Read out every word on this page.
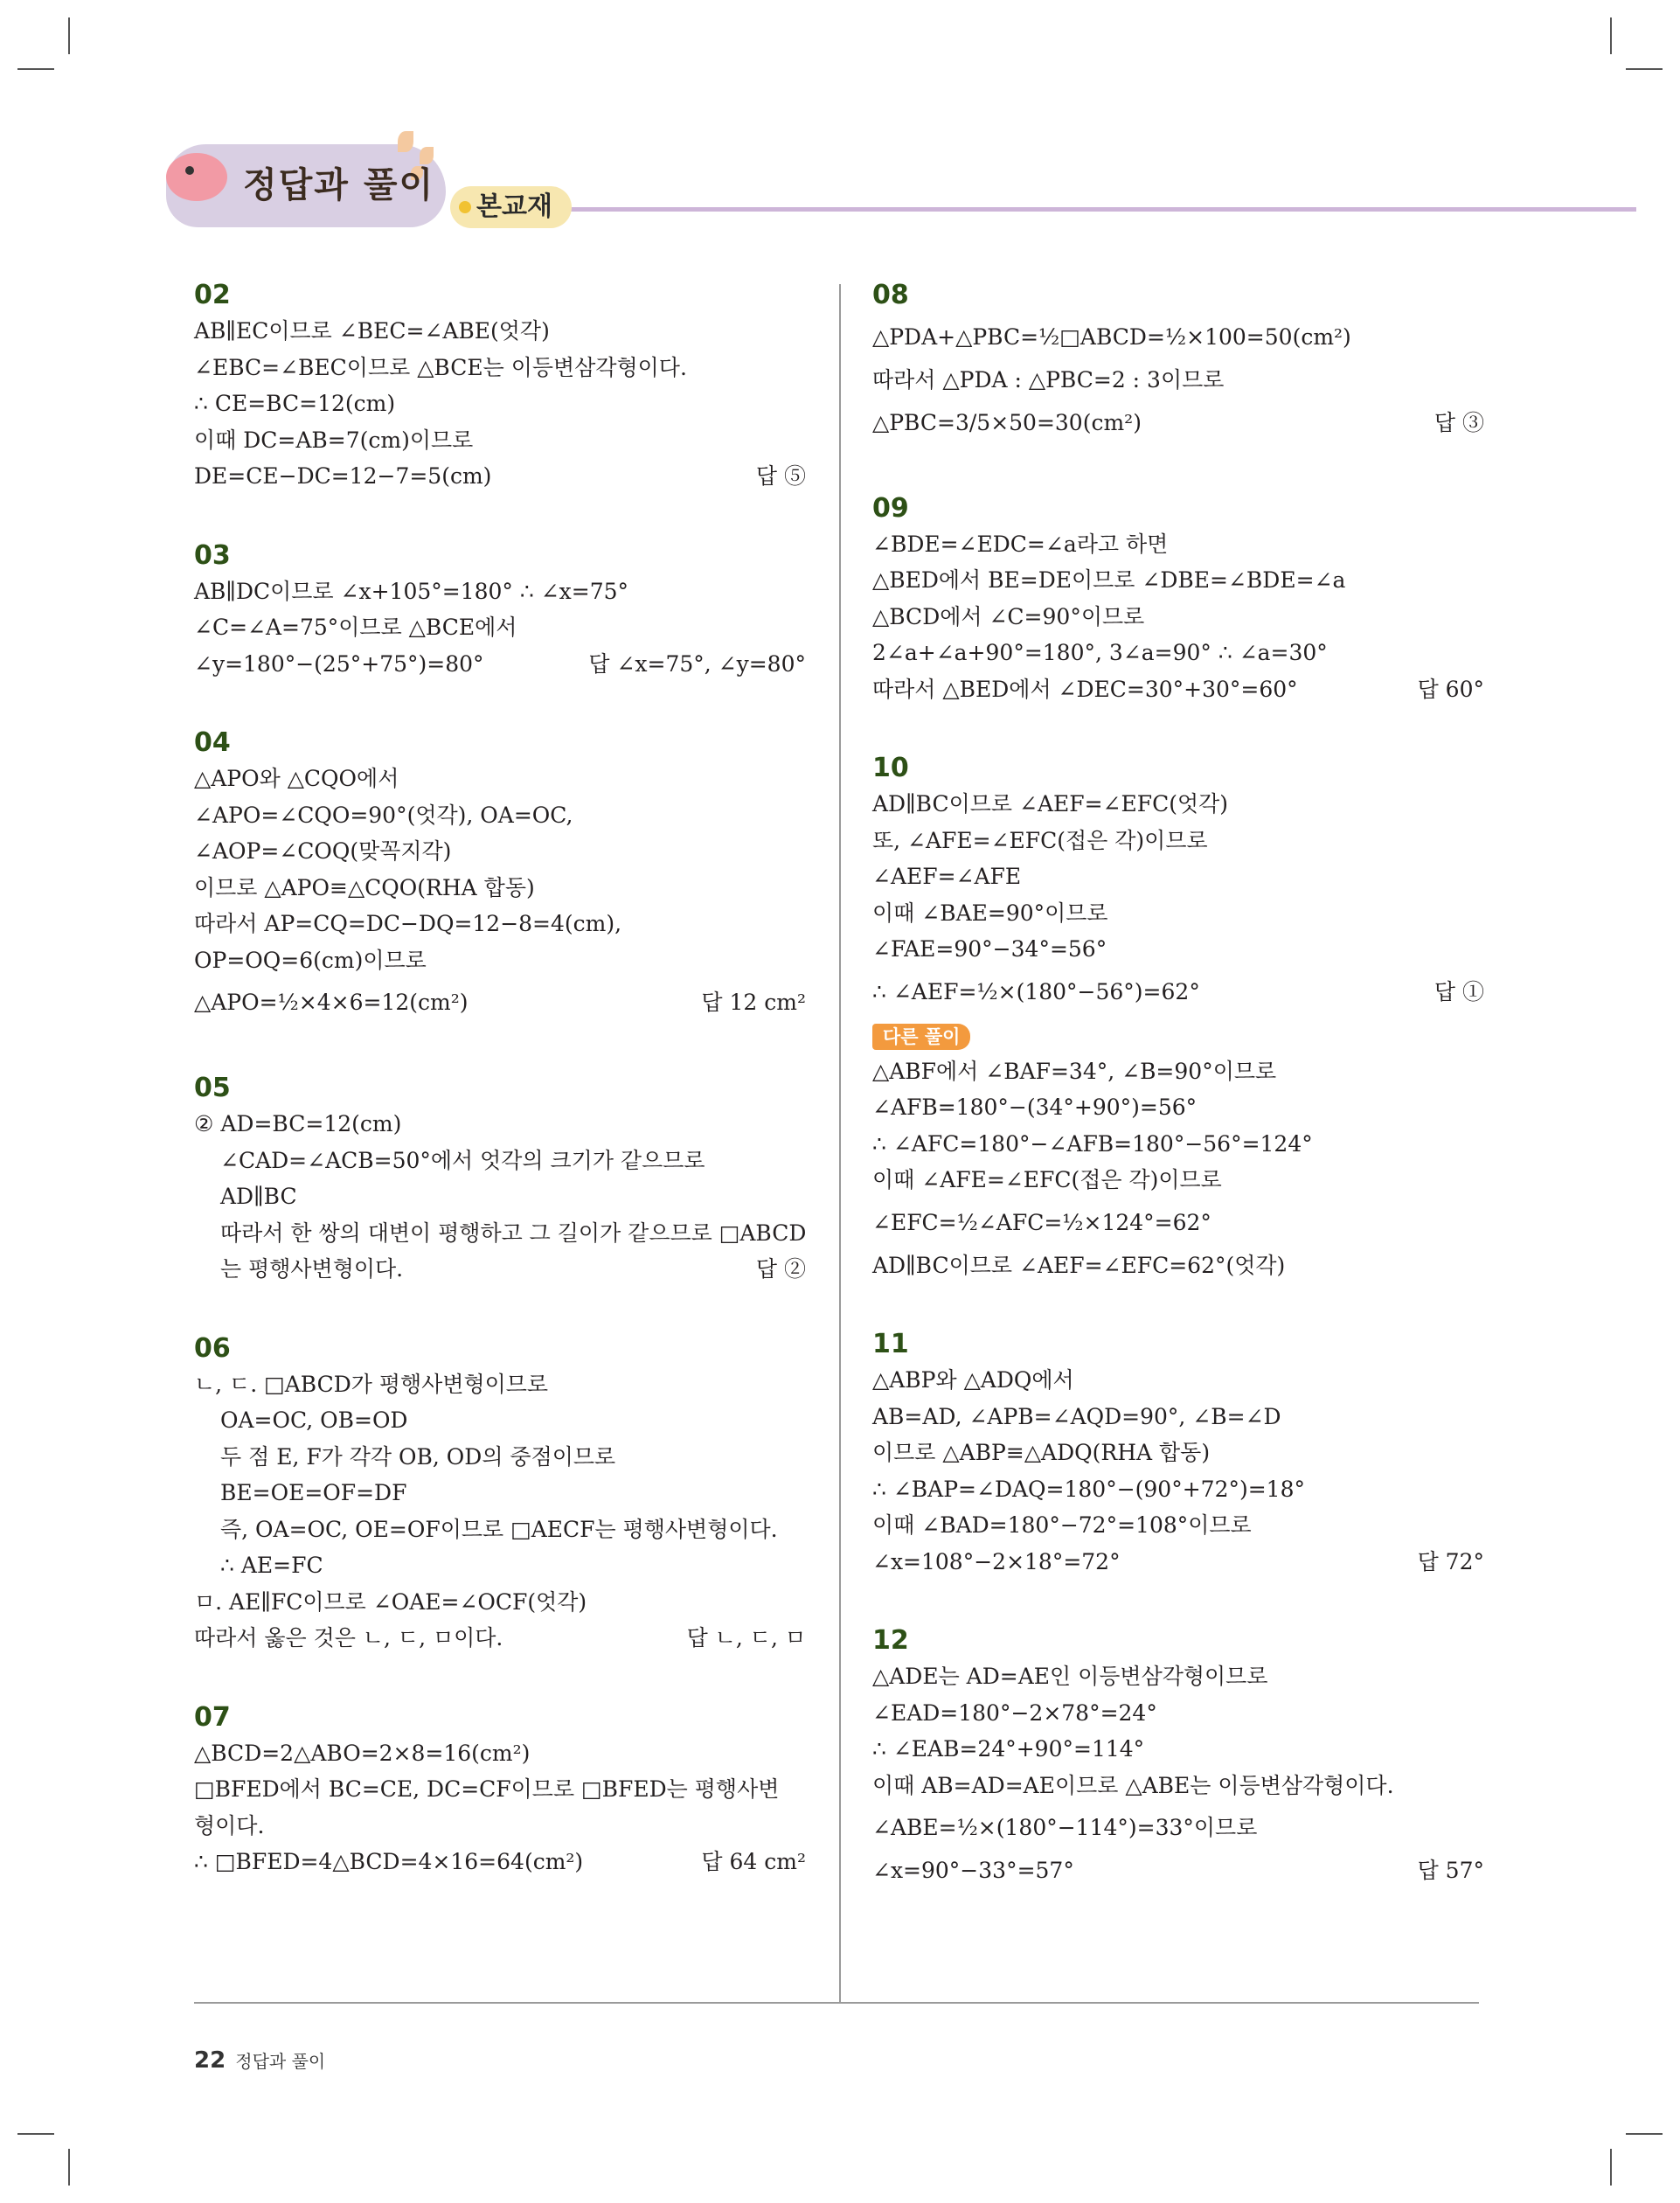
정답과 풀이
본교재
02
AB∥EC이므로 ∠BEC=∠ABE(엇각)
∠EBC=∠BEC이므로 △BCE는 이등변삼각형이다.
∴ CE=BC=12(cm)
이때 DC=AB=7(cm)이므로
DE=CE−DC=12−7=5(cm)	답 ⑤
03
AB∥DC이므로 ∠x+105°=180° ∴ ∠x=75°
∠C=∠A=75°이므로 △BCE에서
∠y=180°−(25°+75°)=80°	답 ∠x=75°, ∠y=80°
04
△APO와 △CQO에서
∠APO=∠CQO=90°(엇각), OA=OC,
∠AOP=∠COQ(맞꼭지각)
이므로 △APO≡△CQO(RHA 합동)
따라서 AP=CQ=DC−DQ=12−8=4(cm),
OP=OQ=6(cm)이므로
△APO=½×4×6=12(cm²)	답 12 cm²
05
② AD=BC=12(cm)
∠CAD=∠ACB=50°에서 엇각의 크기가 같으므로
AD∥BC
따라서 한 쌍의 대변이 평행하고 그 길이가 같으므로 □ABCD
는 평행사변형이다.	답 ②
06
ㄴ, ㄷ. □ABCD가 평행사변형이므로
OA=OC, OB=OD
두 점 E, F가 각각 OB, OD의 중점이므로
BE=OE=OF=DF
즉, OA=OC, OE=OF이므로 □AECF는 평행사변형이다.
∴ AE=FC
ㅁ. AE∥FC이므로 ∠OAE=∠OCF(엇각)
따라서 옳은 것은 ㄴ, ㄷ, ㅁ이다.	답 ㄴ, ㄷ, ㅁ
07
△BCD=2△ABO=2×8=16(cm²)
□BFED에서 BC=CE, DC=CF이므로 □BFED는 평행사변
형이다.
∴ □BFED=4△BCD=4×16=64(cm²)	답 64 cm²
08
△PDA+△PBC=½□ABCD=½×100=50(cm²)
따라서 △PDA : △PBC=2 : 3이므로
△PBC=3/5×50=30(cm²)	답 ③
09
∠BDE=∠EDC=∠a라고 하면
△BED에서 BE=DE이므로 ∠DBE=∠BDE=∠a
△BCD에서 ∠C=90°이므로
2∠a+∠a+90°=180°, 3∠a=90° ∴ ∠a=30°
따라서 △BED에서 ∠DEC=30°+30°=60°	답 60°
10
AD∥BC이므로 ∠AEF=∠EFC(엇각)
또, ∠AFE=∠EFC(접은 각)이므로
∠AEF=∠AFE
이때 ∠BAE=90°이므로
∠FAE=90°−34°=56°
∴ ∠AEF=½×(180°−56°)=62°	답 ①
다른 풀이
△ABF에서 ∠BAF=34°, ∠B=90°이므로
∠AFB=180°−(34°+90°)=56°
∴ ∠AFC=180°−∠AFB=180°−56°=124°
이때 ∠AFE=∠EFC(접은 각)이므로
∠EFC=½∠AFC=½×124°=62°
AD∥BC이므로 ∠AEF=∠EFC=62°(엇각)
11
△ABP와 △ADQ에서
AB=AD, ∠APB=∠AQD=90°, ∠B=∠D
이므로 △ABP≡△ADQ(RHA 합동)
∴ ∠BAP=∠DAQ=180°−(90°+72°)=18°
이때 ∠BAD=180°−72°=108°이므로
∠x=108°−2×18°=72°	답 72°
12
△ADE는 AD=AE인 이등변삼각형이므로
∠EAD=180°−2×78°=24°
∴ ∠EAB=24°+90°=114°
이때 AB=AD=AE이므로 △ABE는 이등변삼각형이다.
∠ABE=½×(180°−114°)=33°이므로
∠x=90°−33°=57°	답 57°
22 정답과 풀이
